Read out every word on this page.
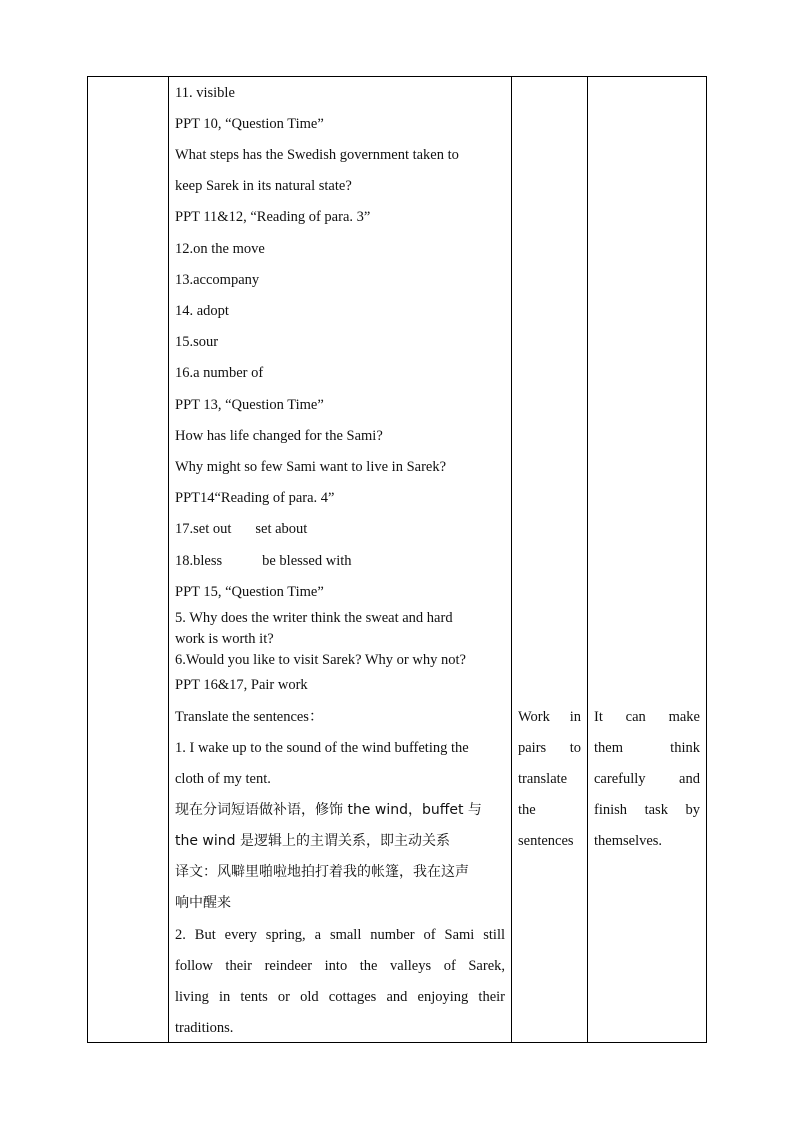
11. visible
PPT 10, “Question Time”
What steps has the Swedish government taken to
keep Sarek in its natural state?
PPT 11&12, “Reading of para. 3”
12.on the move
13.accompany
14. adopt
15.sour
16.a number of
PPT 13, “Question Time”
How has life changed for the Sami?
Why might so few Sami want to live in Sarek?
PPT14“Reading of para. 4”
17.set out set about
18.bless	be blessed with
PPT 15, “Question Time”
5. Why does the writer think the sweat and hard
work is worth it?
6.Would you like to visit Sarek? Why or why not?
PPT 16&17, Pair work
Translate the sentences：
1. I wake up to the sound of the wind buffeting the
cloth of my tent.
现在分词短语做补语，修饰 the wind，buffet 与
the wind 是逻辑上的主谓关系，即主动关系
译文：风噼里啪啦地拍打着我的帐篷，我在这声
响中醒来
2. But every spring, a small number of Sami still
follow their reindeer into the valleys of Sarek,
living in tents or old cottages and enjoying their
traditions.
Work in
pairs to
translate
the
sentences
It can make
them think
carefully and
finish task by
themselves.
